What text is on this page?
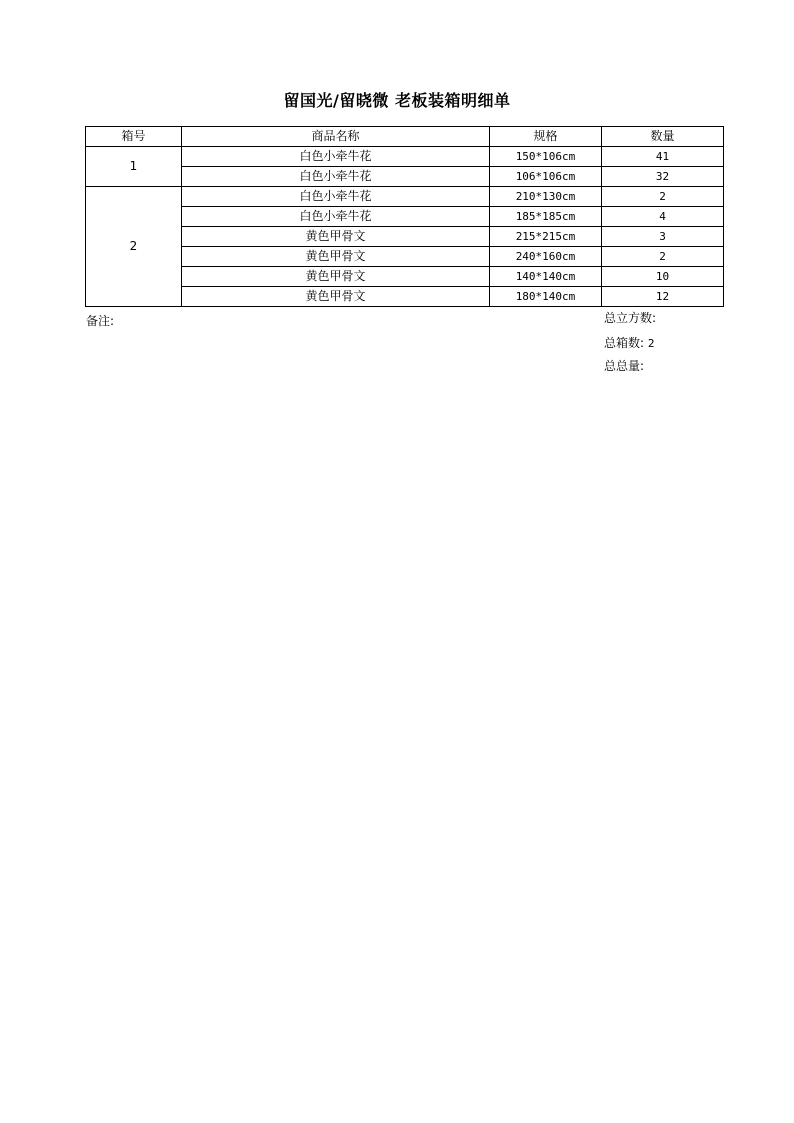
留国光/留晓微 老板装箱明细单
箱号	商品名称	规格	数量
1	白色小牵牛花	150*106cm	41
	白色小牵牛花	106*106cm	32
2	白色小牵牛花	210*130cm	2
	白色小牵牛花	185*185cm	4
	黄色甲骨文	215*215cm	3
	黄色甲骨文	240*160cm	2
	黄色甲骨文	140*140cm	10
	黄色甲骨文	180*140cm	12
备注:	总立方数:
总箱数: 2
总总量:
